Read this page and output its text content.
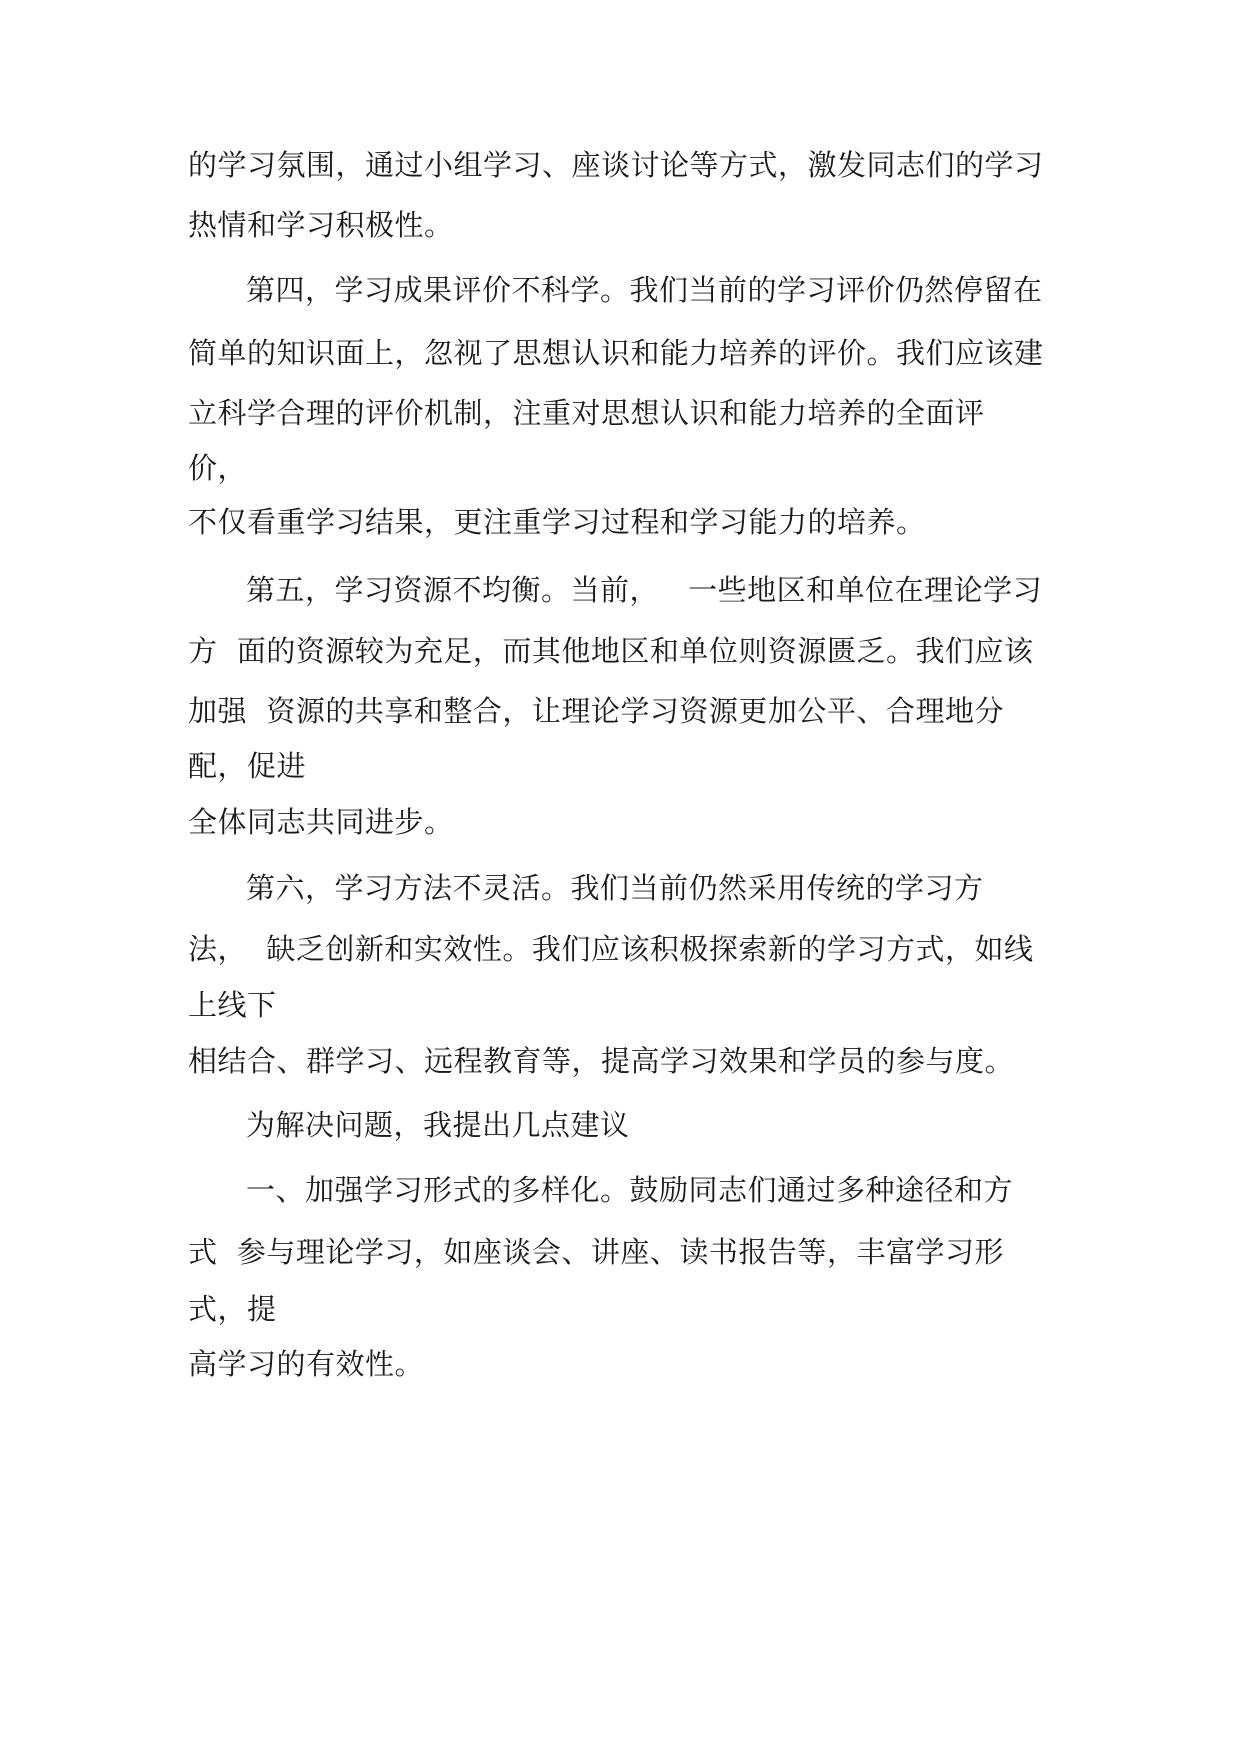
的学习氛围，通过小组学习、座谈讨论等方式，激发同志们的学习
热情和学习积极性。
第四，学习成果评价不科学。我们当前的学习评价仍然停留在
简单的知识面上，忽视了思想认识和能力培养的评价。我们应该建
立科学合理的评价机制，注重对思想认识和能力培养的全面评
价，
不仅看重学习结果，更注重学习过程和学习能力的培养。
第五，学习资源不均衡。当前，   一些地区和单位在理论学习
方  面的资源较为充足，而其他地区和单位则资源匮乏。我们应该
加强  资源的共享和整合，让理论学习资源更加公平、合理地分
配，促进
全体同志共同进步。
第六，学习方法不灵活。我们当前仍然采用传统的学习方
法，  缺乏创新和实效性。我们应该积极探索新的学习方式，如线
上线下
相结合、群学习、远程教育等，提高学习效果和学员的参与度。
为解决问题，我提出几点建议
一、加强学习形式的多样化。鼓励同志们通过多种途径和方
式  参与理论学习，如座谈会、讲座、读书报告等，丰富学习形
式，提
高学习的有效性。
